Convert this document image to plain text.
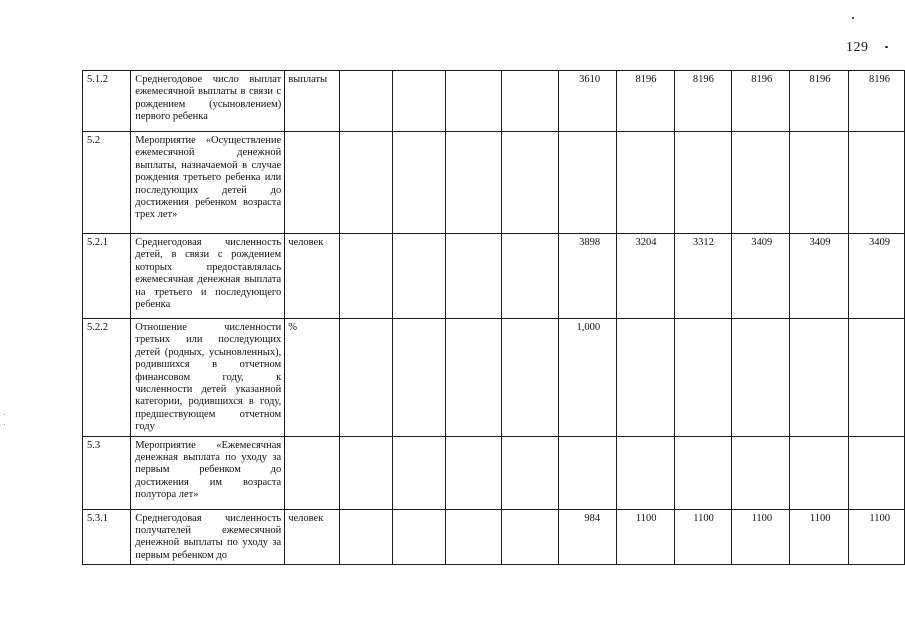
129
5.1.2	Среднегодовое число выплат ежемесячной выплаты в связи с рождением (усыновлением) первого ребенка	выплаты					3610	8196	8196	8196	8196	8196
5.2	Мероприятие «Осуществление ежемесячной денежной выплаты, назначаемой в случае рождения третьего ребенка или последующих детей до достижения ребенком возраста трех лет»											
5.2.1	Среднегодовая численность детей, в связи с рождением которых предоставлялась ежемесячная денежная выплата на третьего и последующего ребенка	человек					3898	3204	3312	3409	3409	3409
5.2.2	Отношение численности третьих или последующих детей (родных, усыновленных), родившихся в отчетном финансовом году, к численности детей указанной категории, родившихся в году, предшествующем отчетном году	%					1,000					
5.3	Мероприятие «Ежемесячная денежная выплата по уходу за первым ребенком до достижения им возраста полутора лет»											
5.3.1	Среднегодовая численность получателей ежемесячной денежной выплаты по уходу за первым ребенком до	человек					984	1100	1100	1100	1100	1100
